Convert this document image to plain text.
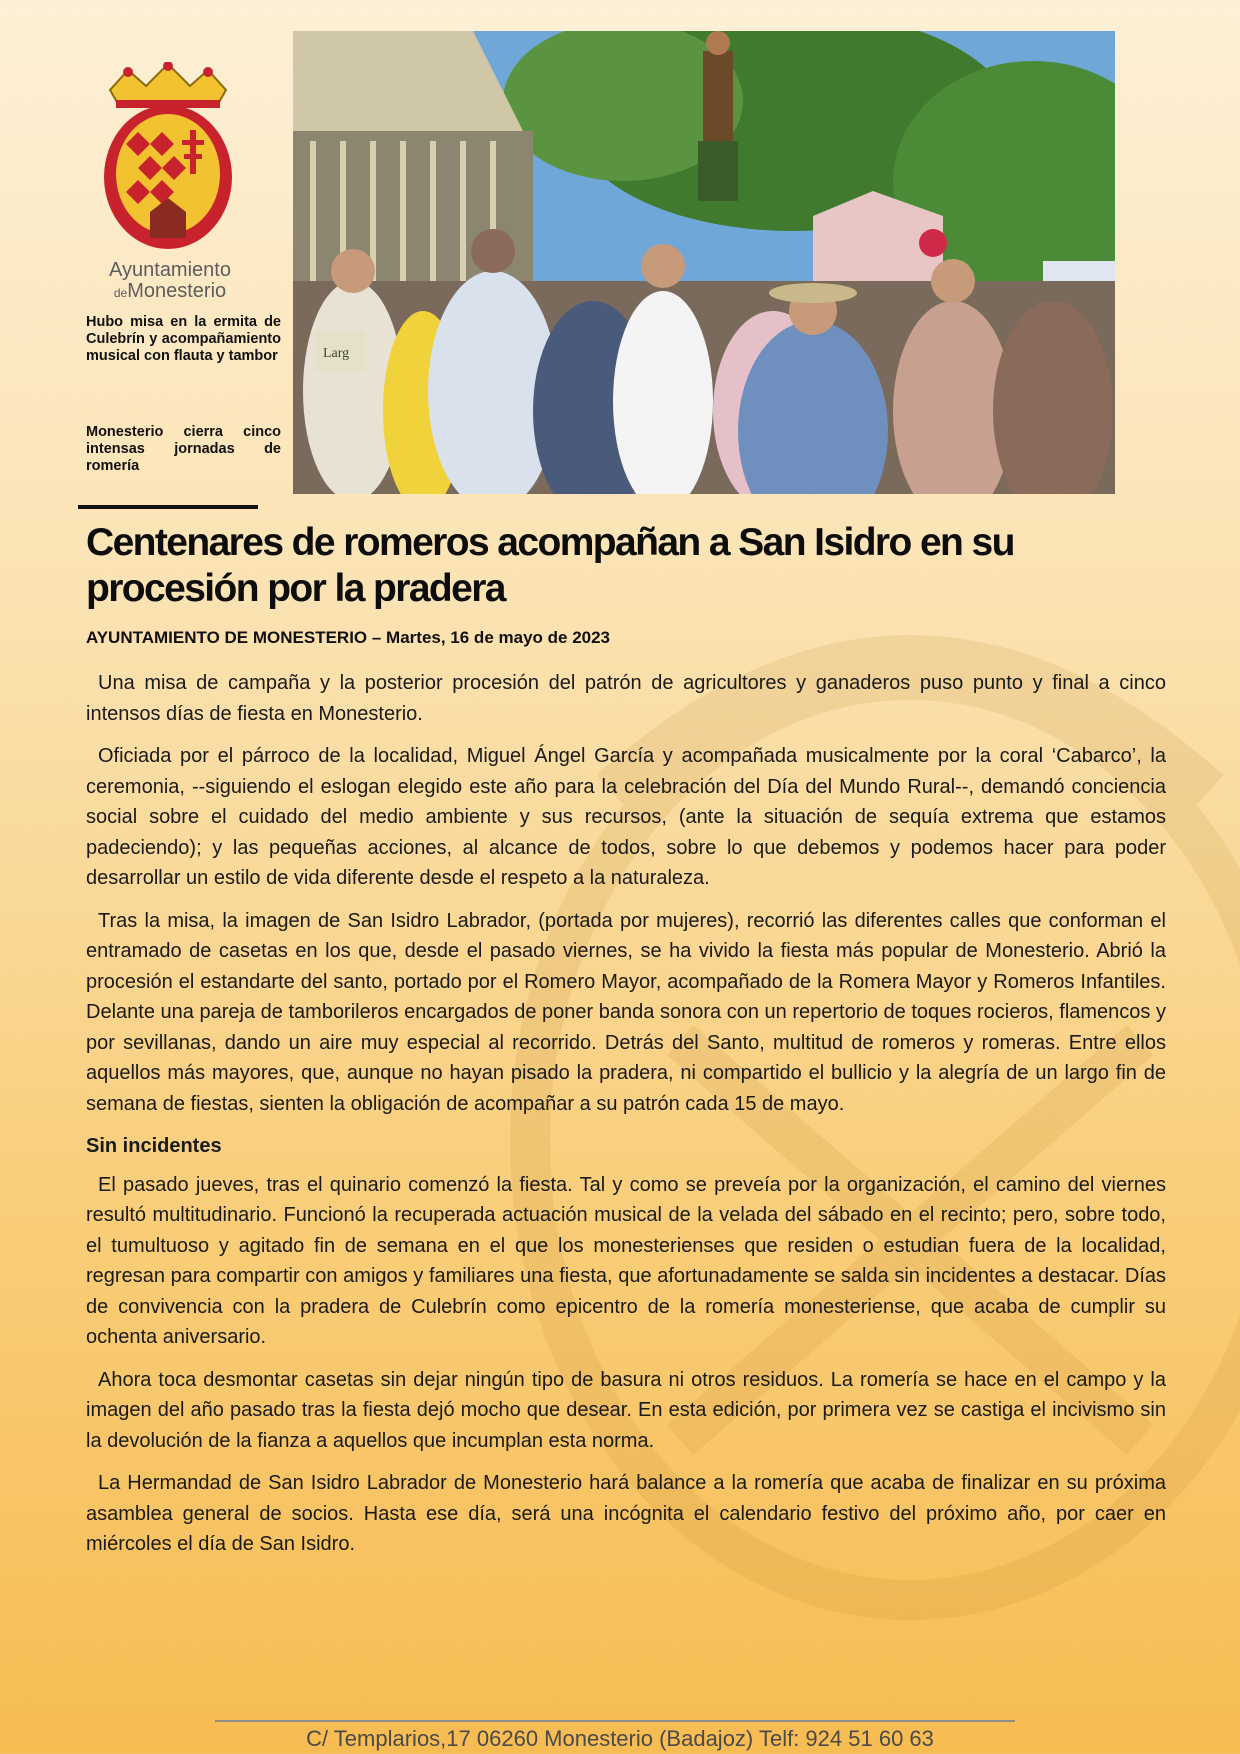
Ayuntamiento
deMonesterio
Hubo misa en la ermita de Culebrín y acompañamiento musical con flauta y tambor
Monesterio cierra cinco intensas jornadas de romería
Larg
Centenares de romeros acompañan a San Isidro en su procesión por la pradera
AYUNTAMIENTO DE MONESTERIO – Martes, 16 de mayo de 2023

Una misa de campaña y la posterior procesión del patrón de agricultores y ganaderos puso punto y final a cinco intensos días de fiesta en Monesterio.

Oficiada por el párroco de la localidad, Miguel Ángel García y acompañada musicalmente por la coral ‘Cabarco’, la ceremonia, --siguiendo el eslogan elegido este año para la celebración del Día del Mundo Rural--, demandó conciencia social sobre el cuidado del medio ambiente y sus recursos, (ante la situación de sequía extrema que estamos padeciendo); y las pequeñas acciones, al alcance de todos, sobre lo que debemos y podemos hacer para poder desarrollar un estilo de vida diferente desde el respeto a la naturaleza.

Tras la misa, la imagen de San Isidro Labrador, (portada por mujeres), recorrió las diferentes calles que conforman el entramado de casetas en los que, desde el pasado viernes, se ha vivido la fiesta más popular de Monesterio. Abrió la procesión el estandarte del santo, portado por el Romero Mayor, acompañado de la Romera Mayor y Romeros Infantiles. Delante una pareja de tamborileros encargados de poner banda sonora con un repertorio de toques rocieros, flamencos y por sevillanas, dando un aire muy especial al recorrido. Detrás del Santo, multitud de romeros y romeras. Entre ellos aquellos más mayores, que, aunque no hayan pisado la pradera, ni compartido el bullicio y la alegría de un largo fin de semana de fiestas, sienten la obligación de acompañar a su patrón cada 15 de mayo.

Sin incidentes

El pasado jueves, tras el quinario comenzó la fiesta. Tal y como se preveía por la organización, el camino del viernes resultó multitudinario. Funcionó la recuperada actuación musical de la velada del sábado en el recinto; pero, sobre todo, el tumultuoso y agitado fin de semana en el que los monesterienses que residen o estudian fuera de la localidad, regresan para compartir con amigos y familiares una fiesta, que afortunadamente se salda sin incidentes a destacar. Días de convivencia con la pradera de Culebrín como epicentro de la romería monesteriense, que acaba de cumplir su ochenta aniversario.

Ahora toca desmontar casetas sin dejar ningún tipo de basura ni otros residuos. La romería se hace en el campo y la imagen del año pasado tras la fiesta dejó mocho que desear. En esta edición, por primera vez se castiga el incivismo sin la devolución de la fianza a aquellos que incumplan esta norma.

La Hermandad de San Isidro Labrador de Monesterio hará balance a la romería que acaba de finalizar en su próxima asamblea general de socios. Hasta ese día, será una incógnita el calendario festivo del próximo año, por caer en miércoles el día de San Isidro.

C/ Templarios,17 06260 Monesterio (Badajoz) Telf: 924 51 60 63
